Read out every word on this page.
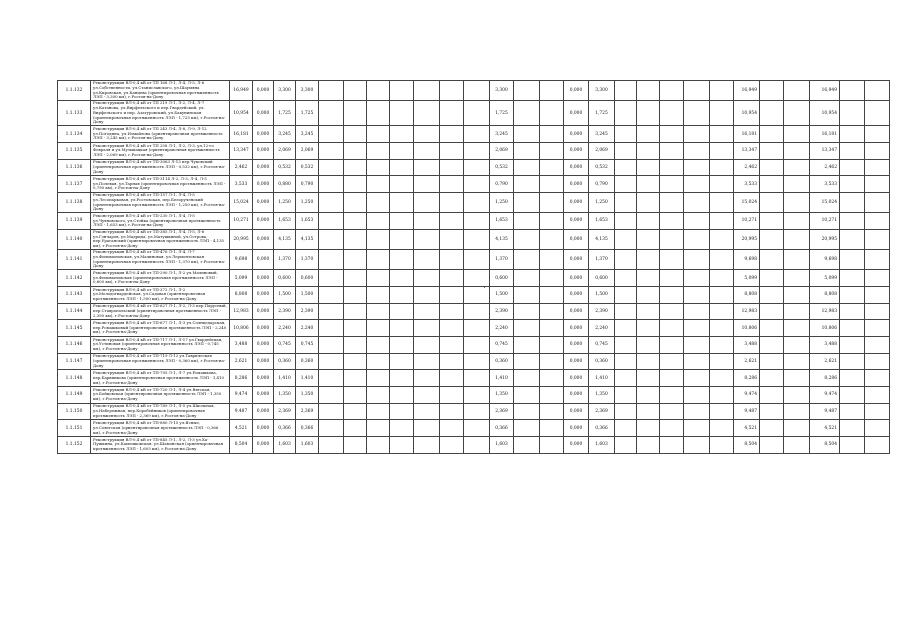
1.1.132	Реконструкция ВЛ-0,4 кВ от ТП 168 Л-1, Л-4, Л-5, Л-6 ул.Собственности, ул.Станиславского, ул.Шаумяна ул.Кировская, ул.Канцева (ориентировочная протяженность ЛЭП - 3,300 км), г.Ростов-на-Дону	16,949	0,000	3,300	3,300								3,300			0,000	3,300						16,949			16,949		
1.1.133	Реконструкция ВЛ-0,4 кВ от ТП 219 Л-1, Л-2, Л-4, Л-7 ул.Катанова, ул.Вирфельского и пер.Гвардейский, ул. Вирфельского и пер. Азатуровский, ул.Бакунинская (ориентировочная протяженность ЛЭП - 1,725 км), г.Ростов-на-Дону	10,954	0,000	1,725	1,725								1,725			0,000	1,725						10,954			10,954		
1.1.134	Реконструкция ВЛ-0,4 кВ от ТП 243 Л-4, Л-8, Л-9, Л-12 ул.Погодина, ул.Измайлова (ориентировочная протяженность ЛЭП - 3,245 км), г.Ростов-на-Дону	16,181	0,000	3,245	3,245								3,245			0,000	3,245						16,181			16,181		
1.1.135	Реконструкция ВЛ-0,4 кВ от ТП 258 Л-1, Л-2, Л-3, ул.12-го Февраля и ул.Музыкацкая (ориентировочная протяженность ЛЭП - 2,069 км), г.Ростов-на-Дону	13,347	0,000	2,069	2,069								2,069			0,000	2,069						13,347			13,347		
1.1.136	Реконструкция ВЛ-0,4 кВ от ТП-3063 Л-13 пер.Чуковский (ориентировочная протяженность ЛЭП - 0,532 км), г.Ростов-на-Дону	2,462	0,000	0,532	0,532								0,532			0,000	0,532						2,462			2,462		
1.1.137	Реконструкция ВЛ-0,4 кВ от ТП-3114 Л-2, Л-3, Л-4, Л-5 ул.Полевая, ул.Тарная (ориентировочная протяженность ЛЭП - 0,790 км), г.Ростов-на-Дону	3,533	0,000	0,880	0,790								0,790			0,000	0,790						3,533			3,533		
1.1.138	Реконструкция ВЛ-0,4 кВ от ТП-157 Л-1, Л-4, Л-5 ул.Лесопарковая, ул.Ростовская, пер.Белорученский (ориентировочная протяженность ЛЭП - 1,250 км), г.Ростов-на-Дону	15,024	0,000	1,250	1,250								1,250			0,000	1,250						15,024			15,024		
1.1.139	Реконструкция ВЛ-0,4 кВ от ТП-230 Л-1, Л-4, Л-5 ул.Чухновского, ул.Стойка (ориентировочная протяженность ЛЭП - 1,653 км), г.Ростов-на-Дону	10,271	0,000	1,653	1,653								1,653			0,000	1,653						10,271			10,271		
1.1.140	Реконструкция ВЛ-0,4 кВ от ТП-385 Л-1, Л-4, Л-5, Л-6 ул.Гончаров, ул.Мадрида, ул.Матушкиной, ул.Острова, пер.Ураганский (ориентировочная протяженность ЛЭП - 4,135 км), г.Ростов-на-Дону	20,995	0,000	4,135	4,135								4,135			0,000	4,135						20,995			20,995		
1.1.141	Реконструкция ВЛ-0,4 кВ от ТП-476 Л-1, Л-4, Л-7 ул.Филимоновская, ул.Малиновая, ул.Лермонтовская (ориентировочная протяженность ЛЭП - 1,370 км), г.Ростов-на-Дону	9,698	0,000	1,370	1,370								1,370			0,000	1,370						9,698			9,698		
1.1.142	Реконструкция ВЛ-0,4 кВ от ТП-290 Л-1, Л-2 ул.Малиновый, ул.Филимоновская (ориентировочная протяженность ЛЭП - 0,600 км), г.Ростов-на-Дону	5,099	0,000	0,600	0,600								0,600			0,000	0,600						5,099			5,099		
1.1.143	Реконструкция ВЛ-0,4 кВ от ТП-372 Л-1, Л-2 ул.Молодогвардейская, ул.Садовая (ориентировочная протяженность ЛЭП - 1,500 км), г.Ростов-на-Дону	8,808	0,000	1,500	1,500								1,500			0,000	1,500						8,808			8,808		
1.1.144	Реконструкция ВЛ-0,4 кВ от ТП-627 Л-1, Л-2, Л-3 пер.Парусный, пер.Ставропольский (ориентировочная протяженность ЛЭП - 2,390 км), г.Ростов-на-Дону	12,983	0,000	2,390	2,390								2,390			0,000	2,390						12,983			12,983		
1.1.145	Реконструкция ВЛ-0,4 кВ от ТП-677 Л-1, Л-3 ул.Солнцедарская, пер.Ромашковый (ориентировочная протяженность ЛЭП - 2,240 км), г.Ростов-на-Дону	10,806	0,000	2,240	2,240								2,240			0,000	2,240						10,806			10,806		
1.1.146	Реконструкция ВЛ-0,4 кВ от ТП-717 Л-1, Л-17 ул.Гвардейская, ул.Устиновая (ориентировочная протяженность ЛЭП - 0,745 км), г.Ростов-на-Дону	3,488	0,000	0,745	0,745								0,745			0,000	0,745						3,488			3,488		
1.1.147	Реконструкция ВЛ-0,4 кВ от ТП-719 Л-12 ул.Таврическая (ориентировочная протяженность ЛЭП - 0,360 км), г.Ростов-на-Дону	2,621	0,000	0,360	0,360								0,360			0,000	0,360						2,621			2,621		
1.1.148	Реконструкция ВЛ-0,4 кВ от ТП-795 Л-1, Л-7 ул.Ромашкова, пер.Барвинкова (ориентировочная протяженность ЛЭП - 1,410 км), г.Ростов-на-Дону	8,286	0,000	1,410	1,410								1,410			0,000	1,410						8,286			8,286		
1.1.149	Реконструкция ВЛ-0,4 кВ от ТП-720 Л-1, Л-4 ул.Вятская, ул.Бойцовская (ориентировочная протяженность ЛЭП - 1,350 км), г.Ростов-на-Дону	9,474	0,000	1,350	1,350								1,350			0,000	1,350						9,474			9,474		
1.1.150	Реконструкция ВЛ-0,4 кВ от ТП-789 Л-1, Л-5 ул.Школьная, ул.Набережная, пер.Коробейников (ориентировочная протяженность ЛЭП - 2,369 км), г.Ростов-на-Дону	9,487	0,000	2,369	2,369								2,369			0,000	2,369						9,487			9,487		
1.1.151	Реконструкция ВЛ-0,4 кВ от ТП-880 Л-15 ул.Ясные, ул.Советская (ориентировочная протяженность ЛЭП - 0,366 км), г.Ростов-на-Дону	4,521	0,000	0,366	0,366								0,366			0,000	0,366						4,521			4,521		
1.1.152	Реконструкция ВЛ-0,4 кВ от ТП-845 Л-1, Л-2, Л-3 ул.Ха-Пушкина, ул.Камешковская, ул.Шамонская (ориентировочная протяженность ЛЭП - 1,603 км), г.Ростов-на-Дону	8,504	0,000	1,603	1,603								1,603			0,000	1,603						8,504			8,504		
